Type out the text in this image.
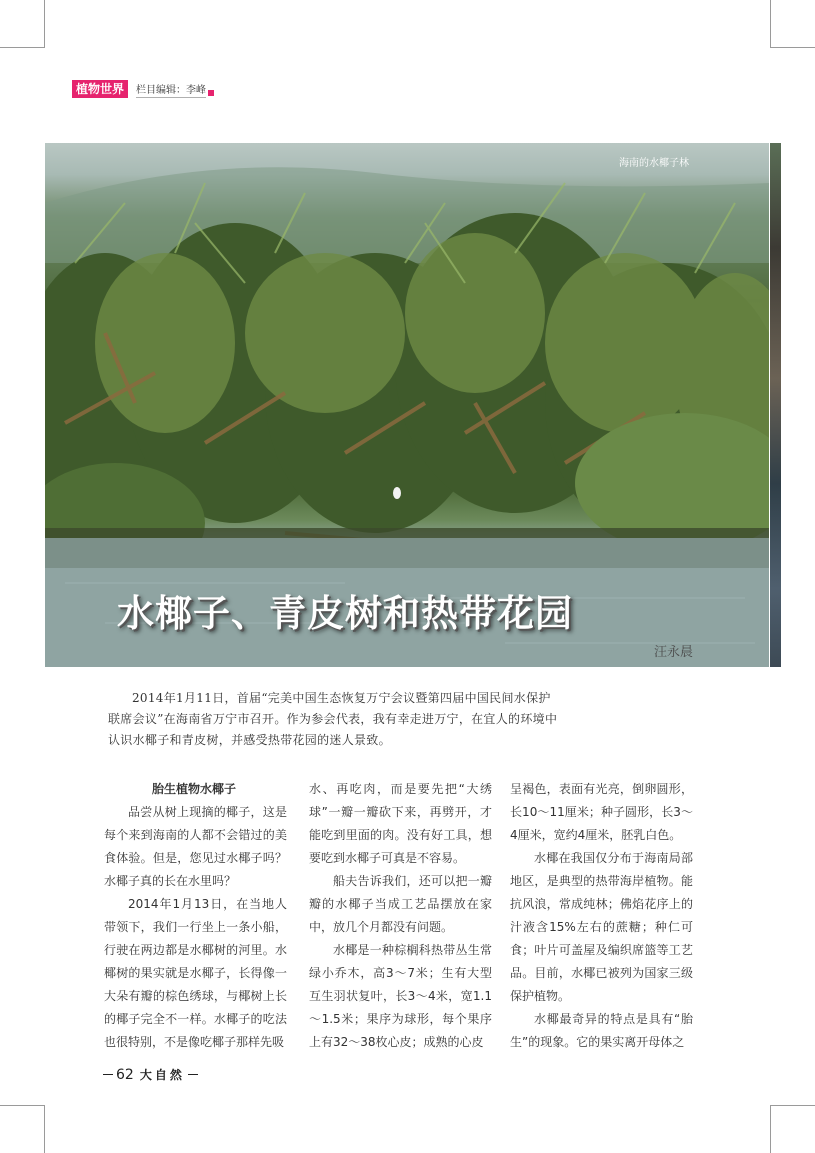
植物世界	栏目编辑：李峰
海南的水椰子林
水椰子、青皮树和热带花园
汪永晨

2014年1月11日，首届“完美中国生态恢复万宁会议暨第四届中国民间水保护联席会议”在海南省万宁市召开。作为参会代表，我有幸走进万宁，在宜人的环境中认识水椰子和青皮树，并感受热带花园的迷人景致。

胎生植物水椰子

品尝从树上现摘的椰子，这是每个来到海南的人都不会错过的美食体验。但是，您见过水椰子吗？水椰子真的长在水里吗？

2014年1月13日，在当地人带领下，我们一行坐上一条小船，行驶在两边都是水椰树的河里。水椰树的果实就是水椰子，长得像一大朵有瓣的棕色绣球，与椰树上长的椰子完全不一样。水椰子的吃法也很特别，不是像吃椰子那样先吸

水、再吃肉，而是要先把“大绣球”一瓣一瓣砍下来，再劈开，才能吃到里面的肉。没有好工具，想要吃到水椰子可真是不容易。

船夫告诉我们，还可以把一瓣瓣的水椰子当成工艺品摆放在家中，放几个月都没有问题。

水椰是一种棕榈科热带丛生常绿小乔木，高3～7米；生有大型互生羽状复叶，长3～4米，宽1.1～1.5米；果序为球形，每个果序上有32～38枚心皮；成熟的心皮

呈褐色，表面有光亮，倒卵圆形，长10～11厘米；种子圆形，长3～4厘米，宽约4厘米，胚乳白色。

水椰在我国仅分布于海南局部地区，是典型的热带海岸植物。能抗风浪，常成纯林；佛焰花序上的汁液含15%左右的蔗糖；种仁可食；叶片可盖屋及编织席篮等工艺品。目前，水椰已被列为国家三级保护植物。

水椰最奇异的特点是具有“胎生”的现象。它的果实离开母体之

62 大自然
